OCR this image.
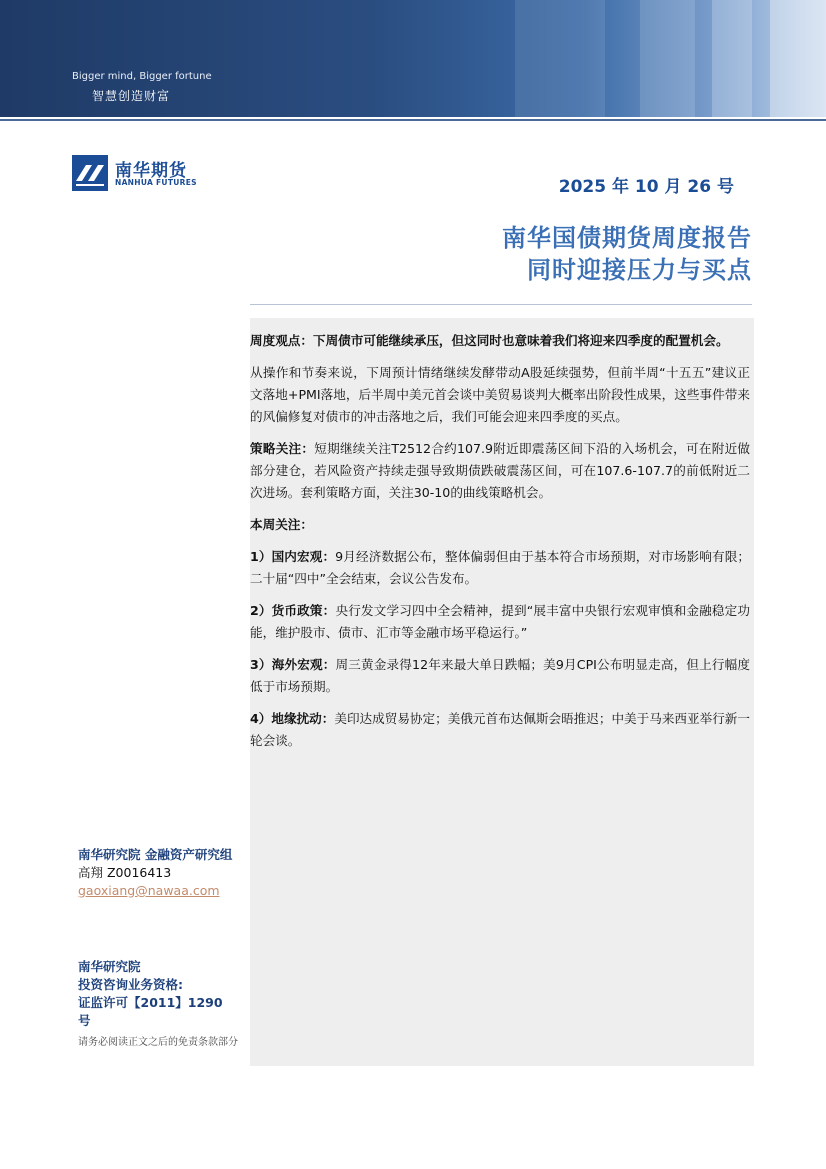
Bigger mind, Bigger fortune
智慧创造财富
南华期货
NANHUA FUTURES	2025 年 10 月 26 号
南华国债期货周度报告
同时迎接压力与买点

周度观点：下周债市可能继续承压，但这同时也意味着我们将迎来四季度的配置机会。

从操作和节奏来说，下周预计情绪继续发酵带动A股延续强势，但前半周“十五五”建议正文落地+PMI落地，后半周中美元首会谈中美贸易谈判大概率出阶段性成果，这些事件带来的风偏修复对债市的冲击落地之后，我们可能会迎来四季度的买点。

策略关注：短期继续关注T2512合约107.9附近即震荡区间下沿的入场机会，可在附近做部分建仓，若风险资产持续走强导致期债跌破震荡区间，可在107.6-107.7的前低附近二次进场。套利策略方面，关注30-10的曲线策略机会。

本周关注：

1）国内宏观：9月经济数据公布，整体偏弱但由于基本符合市场预期，对市场影响有限；二十届“四中”全会结束，会议公告发布。

2）货币政策：央行发文学习四中全会精神，提到“展丰富中央银行宏观审慎和金融稳定功能，维护股市、债市、汇市等金融市场平稳运行。”

3）海外宏观：周三黄金录得12年来最大单日跌幅；美9月CPI公布明显走高，但上行幅度低于市场预期。

4）地缘扰动：美印达成贸易协定；美俄元首布达佩斯会晤推迟；中美于马来西亚举行新一轮会谈。

南华研究院 金融资产研究组
高翔 Z0016413
gaoxiang@nawaa.com
南华研究院
投资咨询业务资格:
证监许可【2011】1290 号
请务必阅读正文之后的免责条款部分
